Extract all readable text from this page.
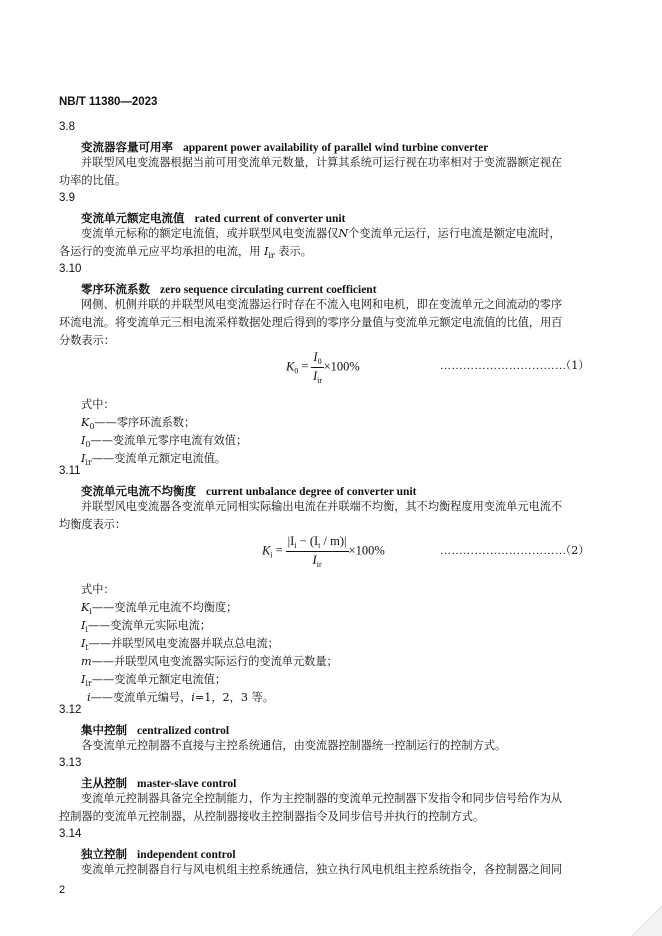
NB/T 11380—2023
3.8
变流器容量可用率 apparent power availability of parallel wind turbine converter
并联型风电变流器根据当前可用变流单元数量，计算其系统可运行视在功率相对于变流器额定视在
功率的比值。
3.9
变流单元额定电流值 rated current of converter unit
变流单元标称的额定电流值，或并联型风电变流器仅N个变流单元运行，运行电流是额定电流时，
各运行的变流单元应平均承担的电流，用 $I_{ir}$ 表示。
3.10
零序环流系数 zero sequence circulating current coefficient
网侧、机侧并联的并联型风电变流器运行时存在不流入电网和电机，即在变流单元之间流动的零序
环流电流。将变流单元三相电流采样数据处理后得到的零序分量值与变流单元额定电流值的比值，用百
分数表示：
$K_0 = \frac{I_0}{I_{ir}} \times 100\%$	……………………………
（1）
式中：
$K_0——$零序环流系数；
$I_0——$变流单元零序电流有效值；
$I_{ir}——$变流单元额定电流值。
3.11
变流单元电流不均衡度 current unbalance degree of converter unit
并联型风电变流器各变流单元同相实际输出电流在并联端不均衡，其不均衡程度用变流单元电流不
均衡度表示：
$K_i = \frac{|I_i - (I_t / m)|}{I_{ir}} \times 100\%$	……………………………
（2）
式中：
$K_i——$变流单元电流不均衡度；
$I_i——$变流单元实际电流；
$I_t——$并联型风电变流器并联点总电流；
m——并联型风电变流器实际运行的变流单元数量；
$I_{ir}——$变流单元额定电流值；
i——变流单元编号，i=1，2，3 等。
3.12
集中控制 centralized control
各变流单元控制器不直接与主控系统通信，由变流器控制器统一控制运行的控制方式。
3.13
主从控制 master-slave control
变流单元控制器具备完全控制能力，作为主控制器的变流单元控制器下发指令和同步信号给作为从
控制器的变流单元控制器，从控制器接收主控制器指令及同步信号并执行的控制方式。
3.14
独立控制 independent control
变流单元控制器自行与风电机组主控系统通信，独立执行风电机组主控系统指令，各控制器之间同
2
